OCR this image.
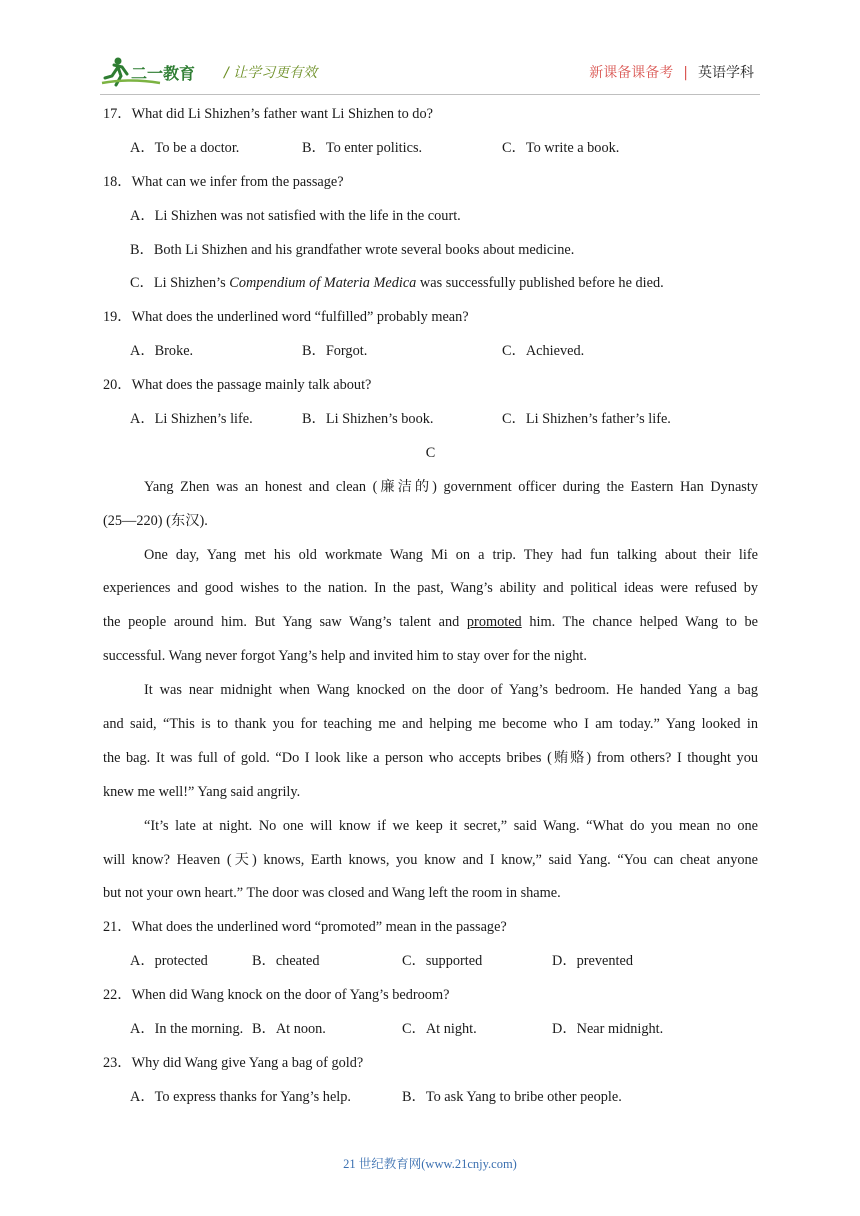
二一教育 / 让学习更有效	新课备课备考 | 英语学科
17．What did Li Shizhen’s father want Li Shizhen to do?
A．To be a doctor.	B．To enter politics.	C．To write a book.
18．What can we infer from the passage?
A．Li Shizhen was not satisfied with the life in the court.
B．Both Li Shizhen and his grandfather wrote several books about medicine.
C．Li Shizhen’s Compendium of Materia Medica was successfully published before he died.
19．What does the underlined word “fulfilled” probably mean?
A．Broke.	B．Forgot.	C．Achieved.
20．What does the passage mainly talk about?
A．Li Shizhen’s life.	B．Li Shizhen’s book.	C．Li Shizhen’s father’s life.
C
Yang Zhen was an honest and clean (廉洁的) government officer during the Eastern Han Dynasty
(25—220) (东汉).
One day, Yang met his old workmate Wang Mi on a trip. They had fun talking about their life
experiences and good wishes to the nation. In the past, Wang’s ability and political ideas were refused by
the people around him. But Yang saw Wang’s talent and promoted him. The chance helped Wang to be
successful. Wang never forgot Yang’s help and invited him to stay over for the night.
It was near midnight when Wang knocked on the door of Yang’s bedroom. He handed Yang a bag
and said, “This is to thank you for teaching me and helping me become who I am today.” Yang looked in
the bag. It was full of gold. “Do I look like a person who accepts bribes (贿赂) from others? I thought you
knew me well!” Yang said angrily.
“It’s late at night. No one will know if we keep it secret,” said Wang. “What do you mean no one
will know? Heaven (天) knows, Earth knows, you know and I know,” said Yang. “You can cheat anyone
but not your own heart.” The door was closed and Wang left the room in shame.
21．What does the underlined word “promoted” mean in the passage?
A．protected	B．cheated	C．supported	D．prevented
22．When did Wang knock on the door of Yang’s bedroom?
A．In the morning. B．At noon.	C．At night.	D．Near midnight.
23．Why did Wang give Yang a bag of gold?
A．To express thanks for Yang’s help.	B．To ask Yang to bribe other people.
21 世纪教育网(www.21cnjy.com)
